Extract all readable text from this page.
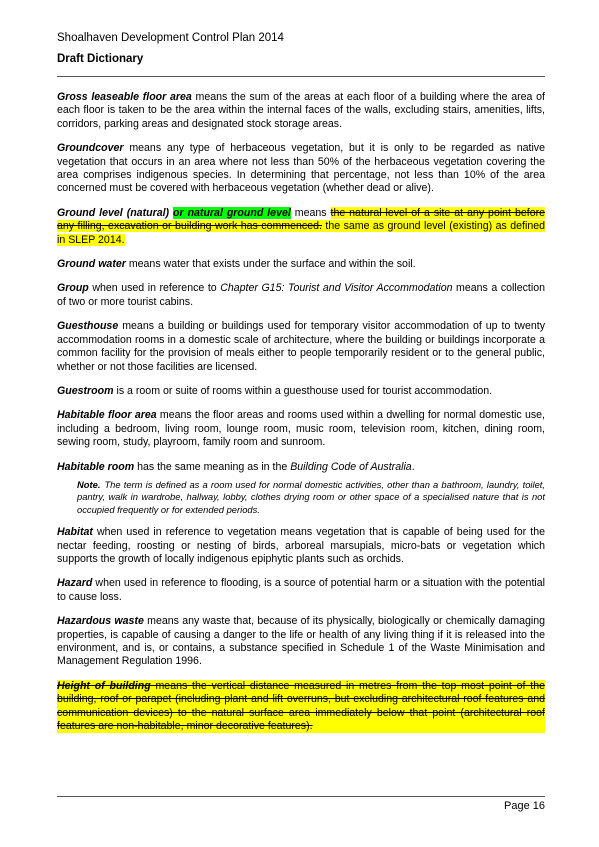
Shoalhaven Development Control Plan 2014
Draft Dictionary

Gross leaseable floor area means the sum of the areas at each floor of a building where the area of each floor is taken to be the area within the internal faces of the walls, excluding stairs, amenities, lifts, corridors, parking areas and designated stock storage areas.

Groundcover means any type of herbaceous vegetation, but it is only to be regarded as native vegetation that occurs in an area where not less than 50% of the herbaceous vegetation covering the area comprises indigenous species. In determining that percentage, not less than 10% of the area concerned must be covered with herbaceous vegetation (whether dead or alive).

Ground level (natural) or natural ground level means the natural level of a site at any point before any filling, excavation or building work has commenced. the same as ground level (existing) as defined in SLEP 2014.

Ground water means water that exists under the surface and within the soil.

Group when used in reference to Chapter G15: Tourist and Visitor Accommodation means a collection of two or more tourist cabins.

Guesthouse means a building or buildings used for temporary visitor accommodation of up to twenty accommodation rooms in a domestic scale of architecture, where the building or buildings incorporate a common facility for the provision of meals either to people temporarily resident or to the general public, whether or not those facilities are licensed.

Guestroom is a room or suite of rooms within a guesthouse used for tourist accommodation.

Habitable floor area means the floor areas and rooms used within a dwelling for normal domestic use, including a bedroom, living room, lounge room, music room, television room, kitchen, dining room, sewing room, study, playroom, family room and sunroom.

Habitable room has the same meaning as in the Building Code of Australia.

Note. The term is defined as a room used for normal domestic activities, other than a bathroom, laundry, toilet, pantry, walk in wardrobe, hallway, lobby, clothes drying room or other space of a specialised nature that is not occupied frequently or for extended periods.

Habitat when used in reference to vegetation means vegetation that is capable of being used for the nectar feeding, roosting or nesting of birds, arboreal marsupials, micro-bats or vegetation which supports the growth of locally indigenous epiphytic plants such as orchids.

Hazard when used in reference to flooding, is a source of potential harm or a situation with the potential to cause loss.

Hazardous waste means any waste that, because of its physically, biologically or chemically damaging properties, is capable of causing a danger to the life or health of any living thing if it is released into the environment, and is, or contains, a substance specified in Schedule 1 of the Waste Minimisation and Management Regulation 1996.

Height of building means the vertical distance measured in metres from the top most point of the building, roof or parapet (including plant and lift overruns, but excluding architectural roof features and communication devices) to the natural surface area immediately below that point (architectural roof features are non-habitable, minor decorative features).

Page 16
